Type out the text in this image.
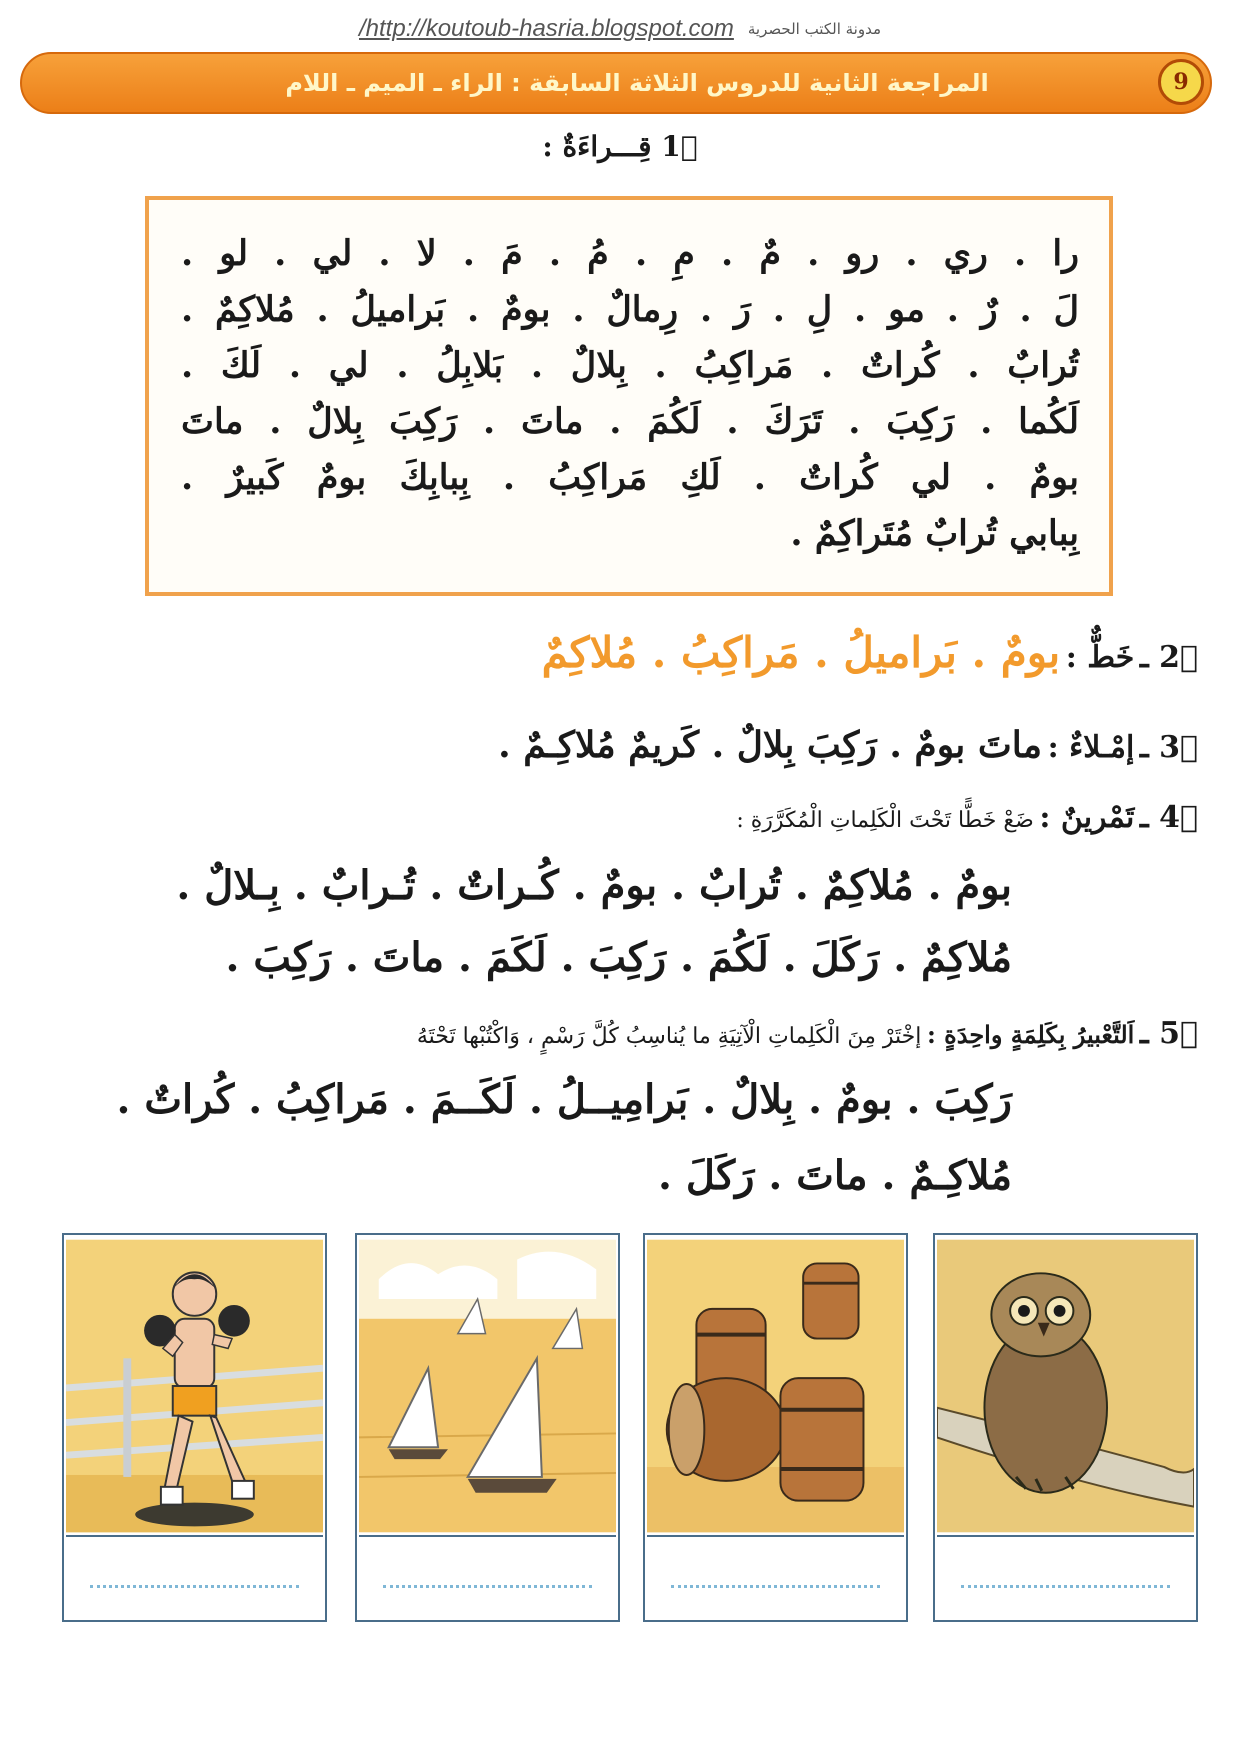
/http://koutoub-hasria.blogspot.com مدونة الكتب الحصرية
المراجعة الثانية للدروس الثلاثة السابقة : الراء ـ الميم ـ اللام	9
1ً قِـــراءَةٌ :
را . ري . رو . مٌ . مِ . مُ . مَ . لا . لي . لو .
لَ . رٌ . مو . لِ . رَ . رِمالٌ . بومٌ . بَراميلُ . مُلاكِمٌ .
تُرابٌ . كُراتٌ . مَراكِبُ . بِلالٌ . بَلابِلُ . لي . لَكَ .
لَكُما . رَكِبَ . تَرَكَ . لَكُمَ . ماتَ . رَكِبَ بِلالٌ . ماتَ
بومٌ . لي كُراتٌ . لَكِ مَراكِبُ . بِبابِكَ بومٌ كَبيرٌ .
بِبابي تُرابٌ مُتَراكِمٌ .
2ً ـ خَطٌّ : بومٌ . بَراميلُ . مَراكِبُ . مُلاكِمٌ
3ً ـ إمْـلاءٌ : ماتَ بومٌ . رَكِبَ بِلالٌ . كَريمٌ مُلاكِـمٌ .
4ً ـ تَمْرينٌ : ضَعْ خَطًّا تَحْتَ الْكَلِماتِ الْمُكَرَّرَةِ :
بومٌ . مُلاكِمٌ . تُرابٌ . بومٌ . كُـراتٌ . تُـرابٌ . بِـلالٌ .
مُلاكِمٌ . رَكَلَ . لَكُمَ . رَكِبَ . لَكَمَ . ماتَ . رَكِبَ .
5ً ـ اَلتَّعْبيرُ بِكَلِمَةٍ واحِدَةٍ : إخْتَرْ مِنَ الْكَلِماتِ الْآتِيَةِ ما يُناسِبُ كُلَّ رَسْمٍ ، وَاكْتُبْها تَحْتَهُ
رَكِبَ . بومٌ . بِلالٌ . بَرامِيــلُ . لَكَــمَ . مَراكِبُ . كُراتٌ .
مُلاكِـمٌ . ماتَ . رَكَلَ .
